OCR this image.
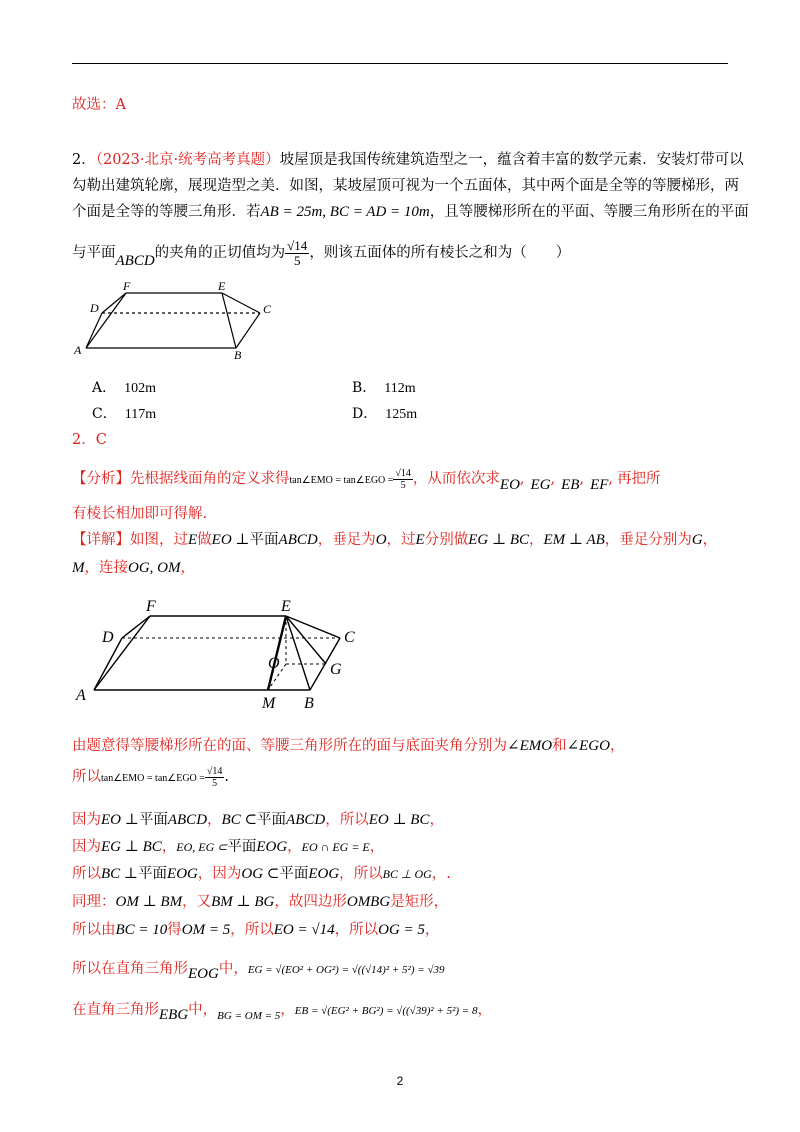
故选：A
2．（2023·北京·统考高考真题）坡屋顶是我国传统建筑造型之一，蕴含着丰富的数学元素．安装灯带可以
勾勒出建筑轮廓，展现造型之美．如图，某坡屋顶可视为一个五面体，其中两个面是全等的等腰梯形，两
个面是全等的等腰三角形．若AB = 25m, BC = AD = 10m，且等腰梯形所在的平面、等腰三角形所在的平面
与平面ABCD的夹角的正切值均为 $\frac{√14}{5}$ ，则该五面体的所有棱长之和为（　　）
F	E
D	C
A	B
A． 102m	B． 112m
C． 117m	D． 125m
2．C
【分析】先根据线面角的定义求得tan∠EMO = tan∠EGO = $\frac{√14}{5}$ ，从而依次求EO, EG, EB, EF, 再把所
有棱长相加即可得解.
【详解】如图，过E做EO ⊥平面ABCD，垂足为O，过E分别做EG ⊥ BC，EM ⊥ AB，垂足分别为G，
M，连接OG, OM，
F	E
D	C
O	G
A	M B
由题意得等腰梯形所在的面、等腰三角形所在的面与底面夹角分别为∠EMO和∠EGO，
所以tan∠EMO = tan∠EGO = $\frac{√14}{5}$ .
因为EO ⊥平面ABCD，BC ⊂平面ABCD，所以EO ⊥ BC，
因为EG ⊥ BC，EO, EG ⊂平面EOG，EO ∩ EG = E，
所以BC ⊥平面EOG，因为OG ⊂平面EOG，所以BC ⊥ OG，.
同理：OM ⊥ BM，又BM ⊥ BG，故四边形OMBG是矩形，
所以由BC = 10得OM = 5，所以EO = √14，所以OG = 5，
所以在直角三角形EOG中，EG = √(EO² + OG²) = √((√14)² + 5²) = √39
在直角三角形EBG中，$_{BG = OM = 5}$，EB = √(EG² + BG²) = √((√39)² + 5²) = 8，
2
